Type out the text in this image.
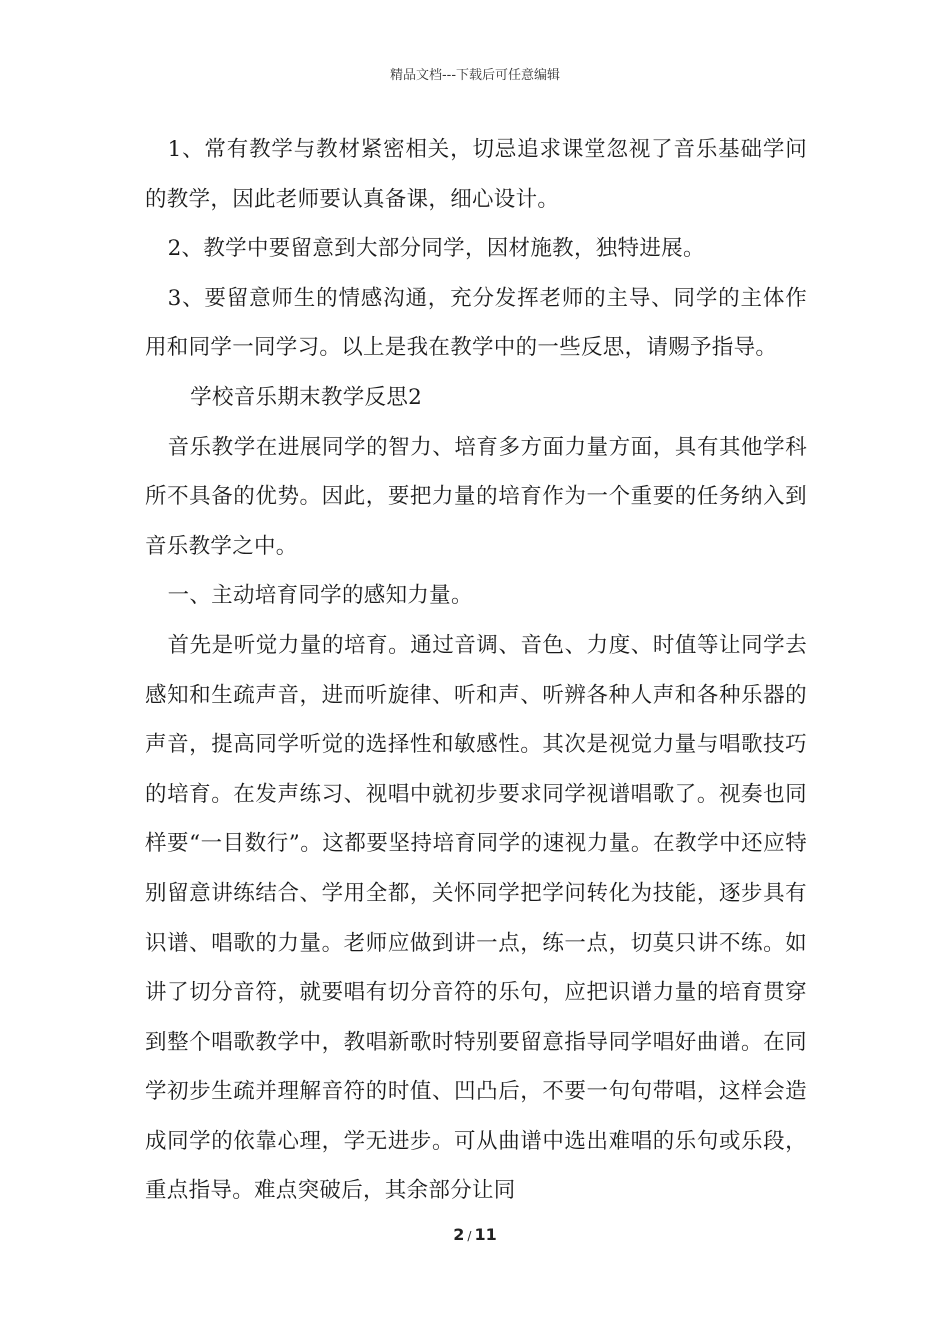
精品文档---下载后可任意编辑

1、常有教学与教材紧密相关，切忌追求课堂忽视了音乐基础学问的教学，因此老师要认真备课，细心设计。

2、教学中要留意到大部分同学，因材施教，独特进展。

3、要留意师生的情感沟通，充分发挥老师的主导、同学的主体作用和同学一同学习。以上是我在教学中的一些反思，请赐予指导。

学校音乐期末教学反思2

音乐教学在进展同学的智力、培育多方面力量方面，具有其他学科所不具备的优势。因此，要把力量的培育作为一个重要的任务纳入到音乐教学之中。

一、主动培育同学的感知力量。

首先是听觉力量的培育。通过音调、音色、力度、时值等让同学去感知和生疏声音，进而听旋律、听和声、听辨各种人声和各种乐器的声音，提高同学听觉的选择性和敏感性。其次是视觉力量与唱歌技巧的培育。在发声练习、视唱中就初步要求同学视谱唱歌了。视奏也同样要“一目数行”。这都要坚持培育同学的速视力量。在教学中还应特别留意讲练结合、学用全都，关怀同学把学问转化为技能，逐步具有识谱、唱歌的力量。老师应做到讲一点，练一点，切莫只讲不练。如讲了切分音符，就要唱有切分音符的乐句，应把识谱力量的培育贯穿到整个唱歌教学中，教唱新歌时特别要留意指导同学唱好曲谱。在同学初步生疏并理解音符的时值、凹凸后，不要一句句带唱，这样会造成同学的依靠心理，学无进步。可从曲谱中选出难唱的乐句或乐段，重点指导。难点突破后，其余部分让同

2 / 11
